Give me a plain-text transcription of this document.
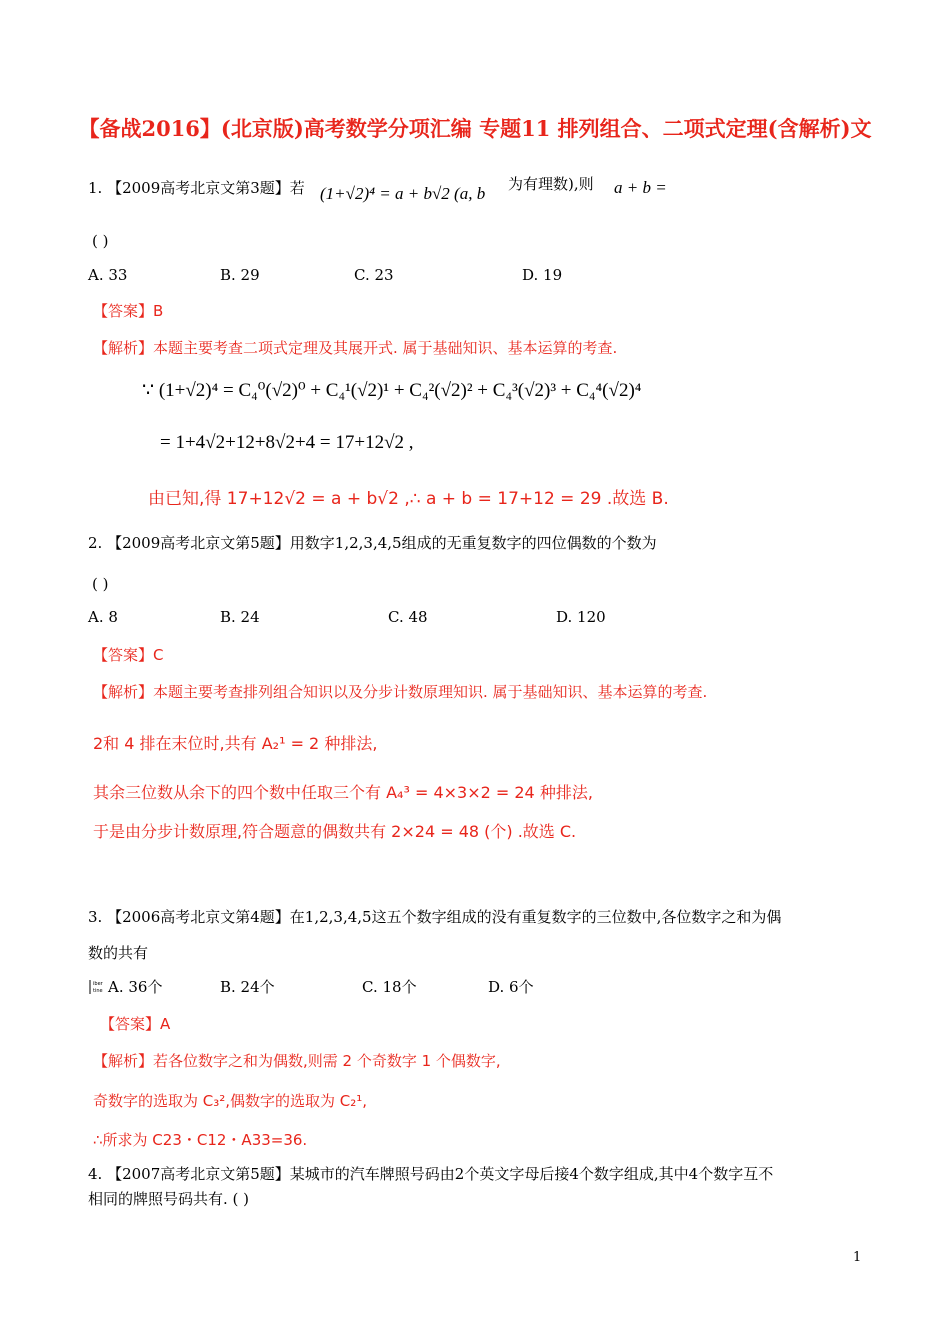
【备战2016】(北京版)高考数学分项汇编 专题11 排列组合、二项式定理(含解析)文
1. 【2009高考北京文第3题】若 (1+√2)⁴ = a + b√2 (a, b 为有理数),则 a + b =
( )
A. 33	B. 29	C. 23	D. 19
【答案】B
【解析】本题主要考查二项式定理及其展开式. 属于基础知识、基本运算的考查.
∵ (1+√2)⁴ = C₄⁰(√2)⁰ + C₄¹(√2)¹ + C₄²(√2)² + C₄³(√2)³ + C₄⁴(√2)⁴
= 1+4√2+12+8√2+4 = 17+12√2 ,
由已知,得 17+12√2 = a + b√2 ,∴ a + b = 17+12 = 29 .故选 B.
2. 【2009高考北京文第5题】用数字1,2,3,4,5组成的无重复数字的四位偶数的个数为
( )
A. 8	B. 24	C. 48	D. 120
【答案】C
【解析】本题主要考查排列组合知识以及分步计数原理知识. 属于基础知识、基本运算的考查.
2和 4 排在末位时,共有 A₂¹ = 2 种排法,
其余三位数从余下的四个数中任取三个有 A₄³ = 4×3×2 = 24 种排法,
于是由分步计数原理,符合题意的偶数共有 2×24 = 48 (个) .故选 C.
3. 【2006高考北京文第4题】在1,2,3,4,5这五个数字组成的没有重复数字的三位数中,各位数字之和为偶
数的共有
iber
tine A. 36个	B. 24个	C. 18个	D. 6个
【答案】A
【解析】若各位数字之和为偶数,则需 2 个奇数字 1 个偶数字,
奇数字的选取为 C₃²,偶数字的选取为 C₂¹,
∴所求为 C23・C12・A33=36.
4. 【2007高考北京文第5题】某城市的汽车牌照号码由2个英文字母后接4个数字组成,其中4个数字互不
相同的牌照号码共有. ( )
1
